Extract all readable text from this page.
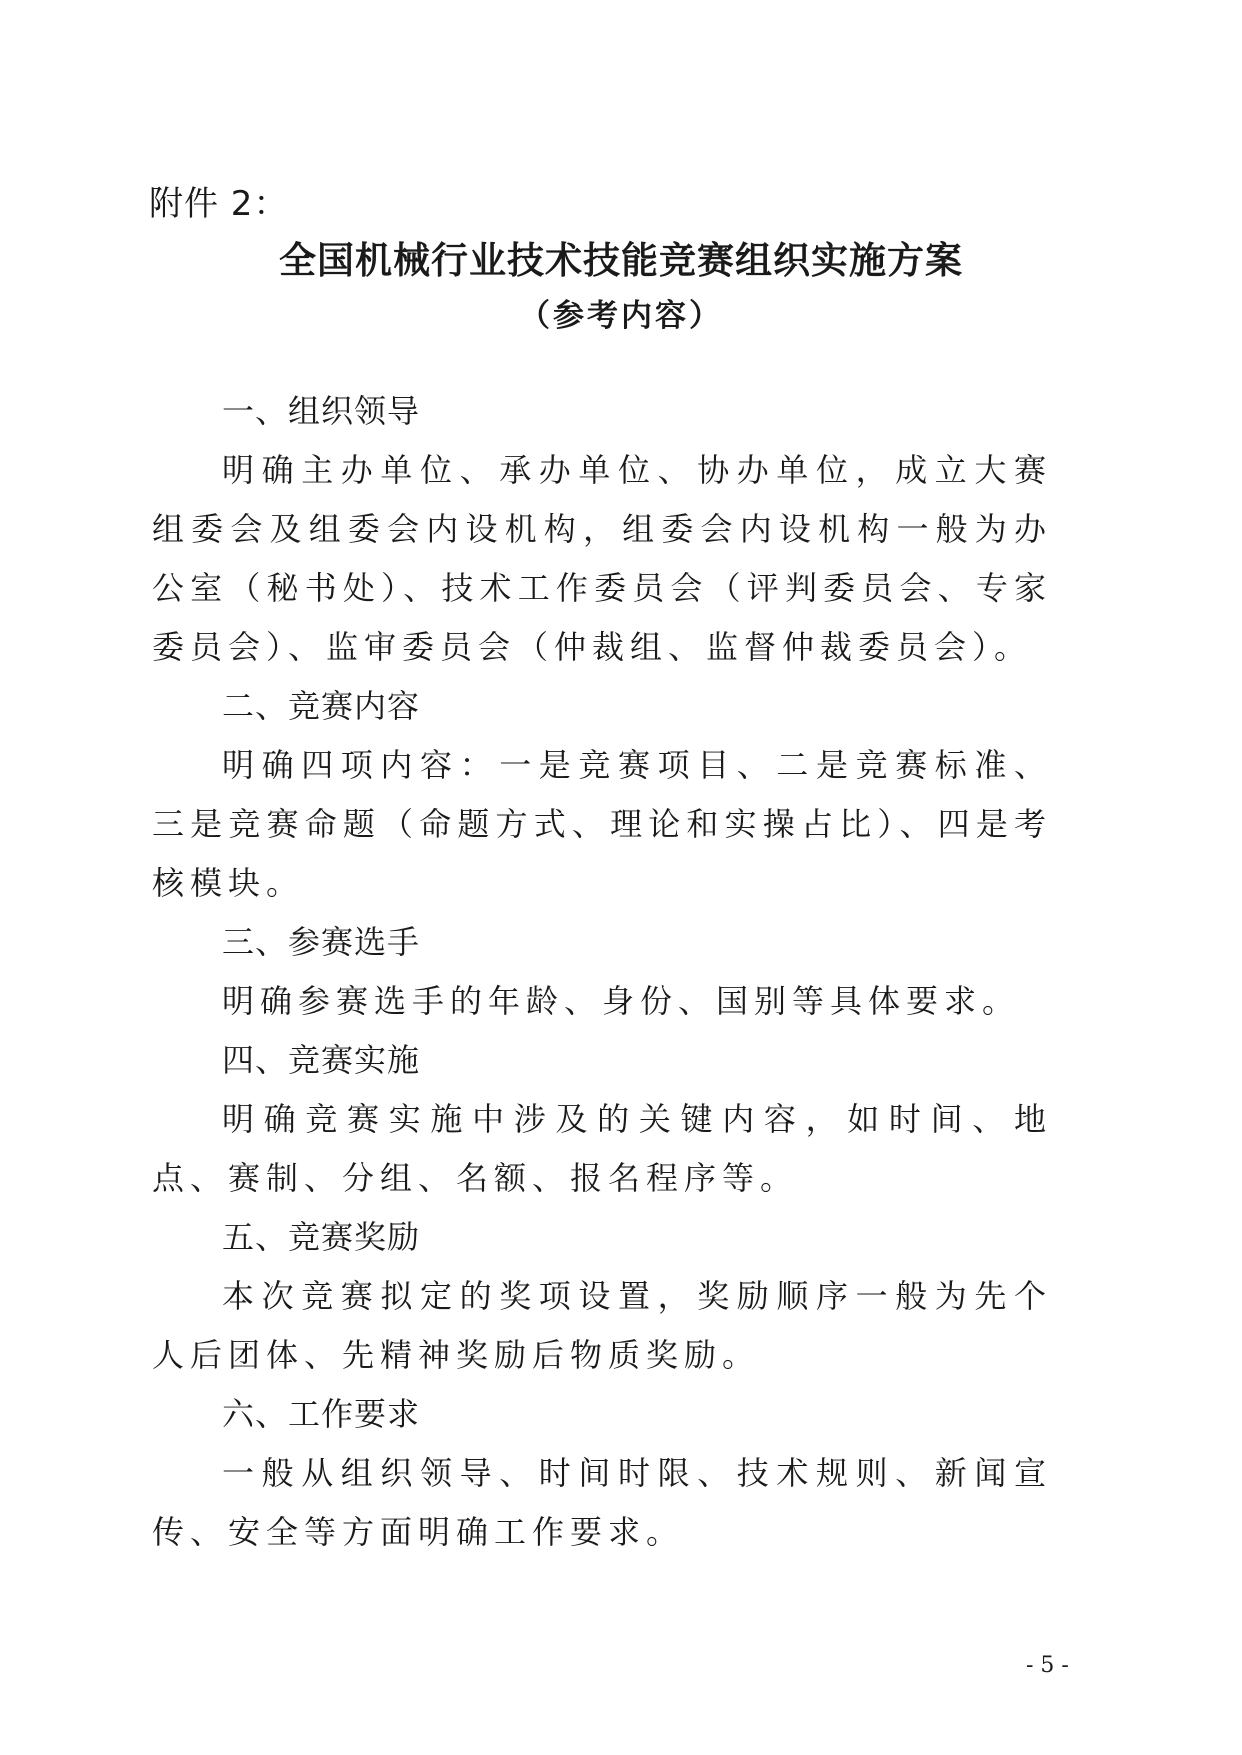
附件 2：
全国机械行业技术技能竞赛组织实施方案
（参考内容）
一、组织领导

明确主办单位、承办单位、协办单位，成立大赛组委会及组委会内设机构，组委会内设机构一般为办公室（秘书处）、技术工作委员会（评判委员会、专家委员会）、监审委员会（仲裁组、监督仲裁委员会）。

二、竞赛内容

明确四项内容：一是竞赛项目、二是竞赛标准、三是竞赛命题（命题方式、理论和实操占比）、四是考核模块。

三、参赛选手

明确参赛选手的年龄、身份、国别等具体要求。

四、竞赛实施

明确竞赛实施中涉及的关键内容，如时间、地点、赛制、分组、名额、报名程序等。

五、竞赛奖励

本次竞赛拟定的奖项设置，奖励顺序一般为先个人后团体、先精神奖励后物质奖励。

六、工作要求

一般从组织领导、时间时限、技术规则、新闻宣传、安全等方面明确工作要求。

- 5 -
